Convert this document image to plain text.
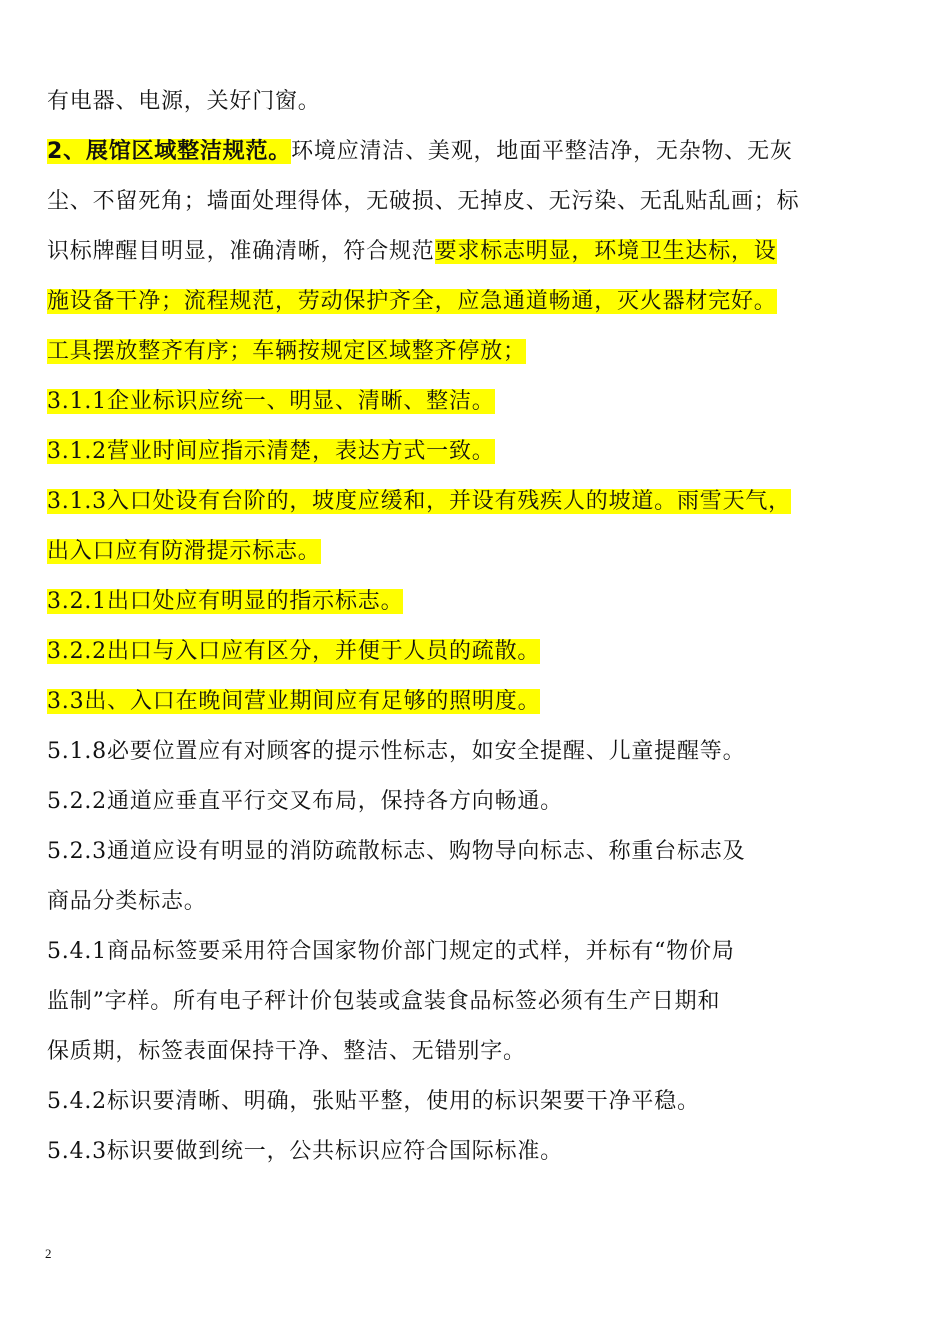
有电器、电源，关好门窗。
2、展馆区域整洁规范。环境应清洁、美观，地面平整洁净，无杂物、无灰
尘、不留死角；墙面处理得体，无破损、无掉皮、无污染、无乱贴乱画；标
识标牌醒目明显，准确清晰，符合规范要求标志明显，环境卫生达标，设
施设备干净；流程规范，劳动保护齐全，应急通道畅通，灭火器材完好。
工具摆放整齐有序；车辆按规定区域整齐停放；
3.1.1企业标识应统一、明显、清晰、整洁。
3.1.2营业时间应指示清楚，表达方式一致。
3.1.3入口处设有台阶的，坡度应缓和，并设有残疾人的坡道。雨雪天气，
出入口应有防滑提示标志。
3.2.1出口处应有明显的指示标志。
3.2.2出口与入口应有区分，并便于人员的疏散。
3.3出、入口在晚间营业期间应有足够的照明度。
5.1.8必要位置应有对顾客的提示性标志，如安全提醒、儿童提醒等。
5.2.2通道应垂直平行交叉布局，保持各方向畅通。
5.2.3通道应设有明显的消防疏散标志、购物导向标志、称重台标志及
商品分类标志。
5.4.1商品标签要采用符合国家物价部门规定的式样，并标有“物价局
监制”字样。所有电子秤计价包装或盒装食品标签必须有生产日期和
保质期，标签表面保持干净、整洁、无错别字。
5.4.2标识要清晰、明确，张贴平整，使用的标识架要干净平稳。
5.4.3标识要做到统一，公共标识应符合国际标准。
2
